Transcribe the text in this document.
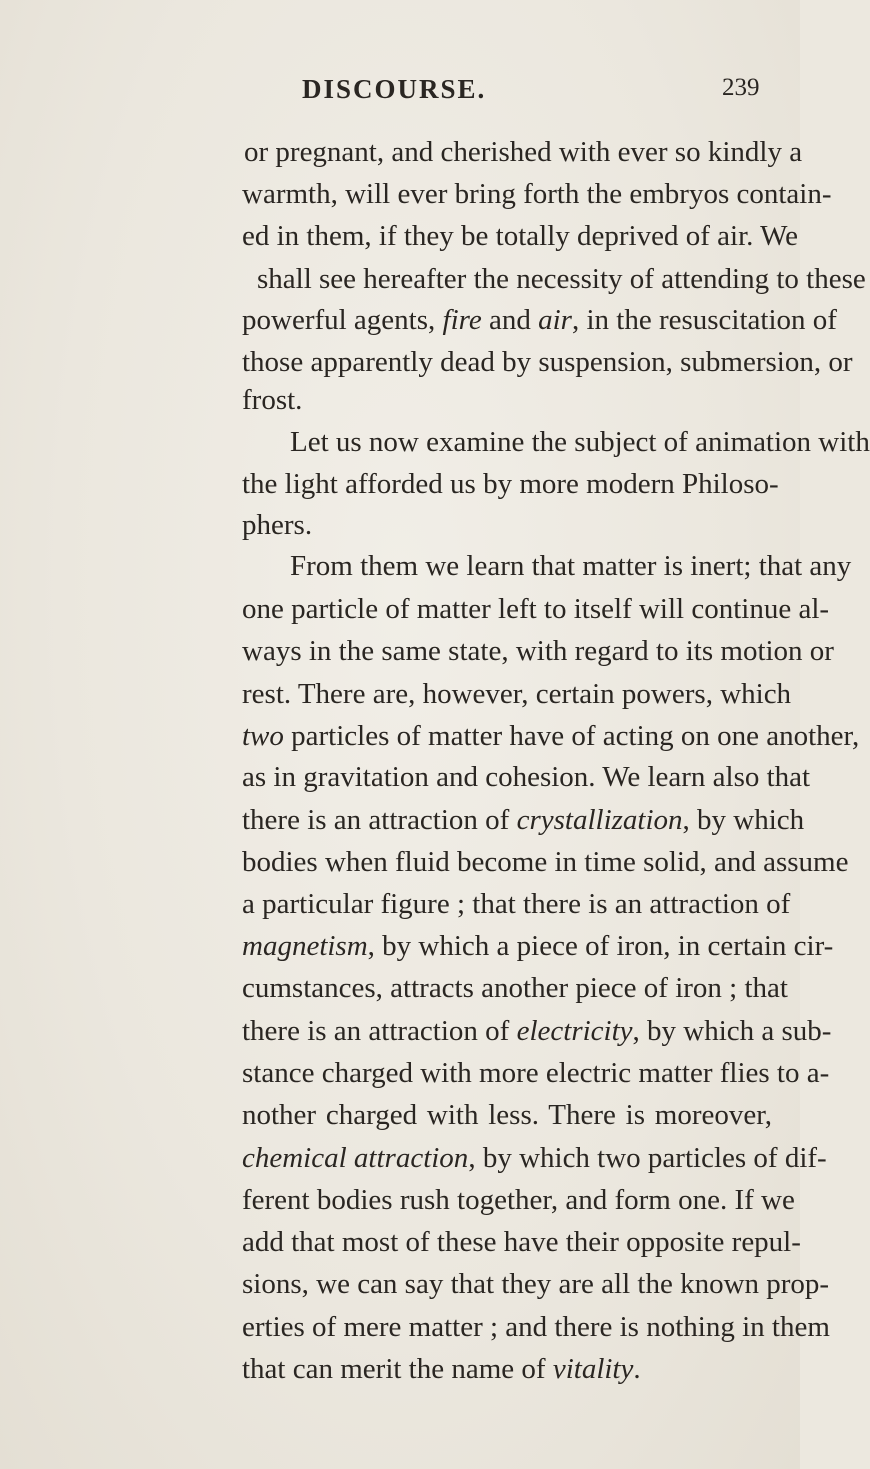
DISCOURSE.	239
or pregnant, and cherished with ever so kindly a
warmth, will ever bring forth the embryos contain-
ed in them, if they be totally deprived of air. We
shall see hereafter the necessity of attending to these
powerful agents, fire and air, in the resuscitation of
those apparently dead by suspension, submersion, or
frost.
Let us now examine the subject of animation with
the light afforded us by more modern Philoso-
phers.
From them we learn that matter is inert; that any
one particle of matter left to itself will continue al-
ways in the same state, with regard to its motion or
rest. There are, however, certain powers, which
two particles of matter have of acting on one another,
as in gravitation and cohesion. We learn also that
there is an attraction of crystallization, by which
bodies when fluid become in time solid, and assume
a particular figure ; that there is an attraction of
magnetism, by which a piece of iron, in certain cir-
cumstances, attracts another piece of iron ; that
there is an attraction of electricity, by which a sub-
stance charged with more electric matter flies to a-
nother charged with less. There is moreover,
chemical attraction, by which two particles of dif-
ferent bodies rush together, and form one. If we
add that most of these have their opposite repul-
sions, we can say that they are all the known prop-
erties of mere matter ; and there is nothing in them
that can merit the name of vitality.
